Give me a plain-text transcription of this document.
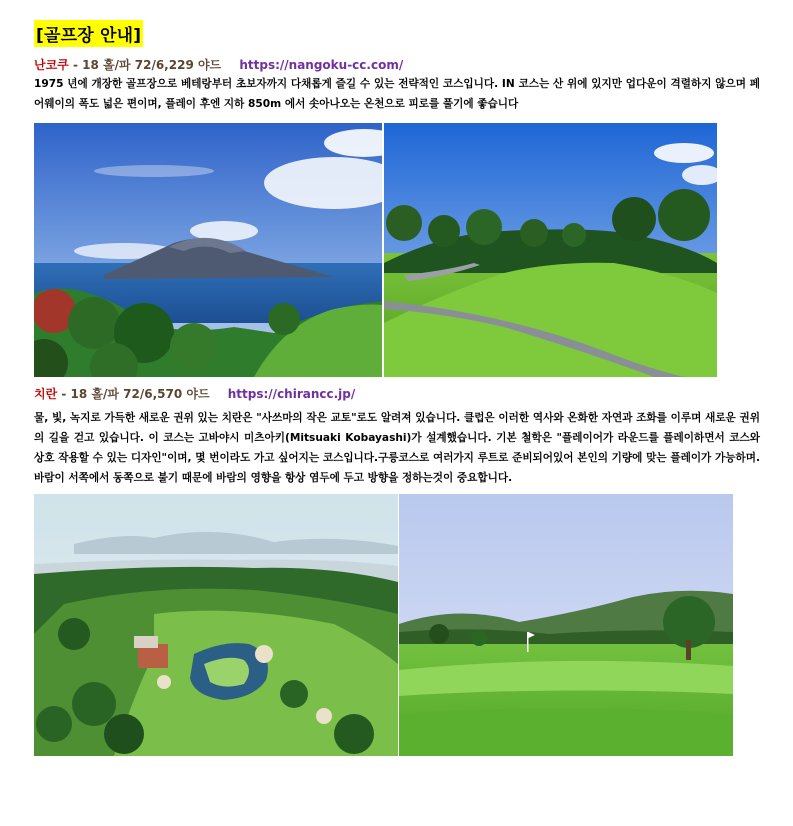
[골프장 안내]
난코쿠 - 18 홀/파 72/6,229 야드 https://nangoku-cc.com/
1975 년에 개장한 골프장으로 베테랑부터 초보자까지 다채롭게 즐길 수 있는 전략적인 코스입니다. IN 코스는 산 위에 있지만 업다운이 격렬하지 않으며 페어웨이의 폭도 넓은 편이며, 플레이 후엔 지하 850m 에서 솟아나오는 온천으로 피로를 풀기에 좋습니다
치란 - 18 홀/파 72/6,570 야드 https://chirancc.jp/
물, 빛, 녹지로 가득한 새로운 권위 있는 치란은 "사쓰마의 작은 교토"로도 알려져 있습니다. 클럽은 이러한 역사와 온화한 자연과 조화를 이루며 새로운 권위의 길을 걷고 있습니다. 이 코스는 고바야시 미츠아키(Mitsuaki Kobayashi)가 설계했습니다. 기본 철학은 "플레이어가 라운드를 플레이하면서 코스와 상호 작용할 수 있는 디자인"이며, 몇 번이라도 가고 싶어지는 코스입니다.구릉코스로 여러가지 루트로 준비되어있어 본인의 기량에 맞는 플레이가 가능하며. 바람이 서쪽에서 동쪽으로 불기 때문에 바람의 영향을 항상 염두에 두고 방향을 정하는것이 중요합니다.
